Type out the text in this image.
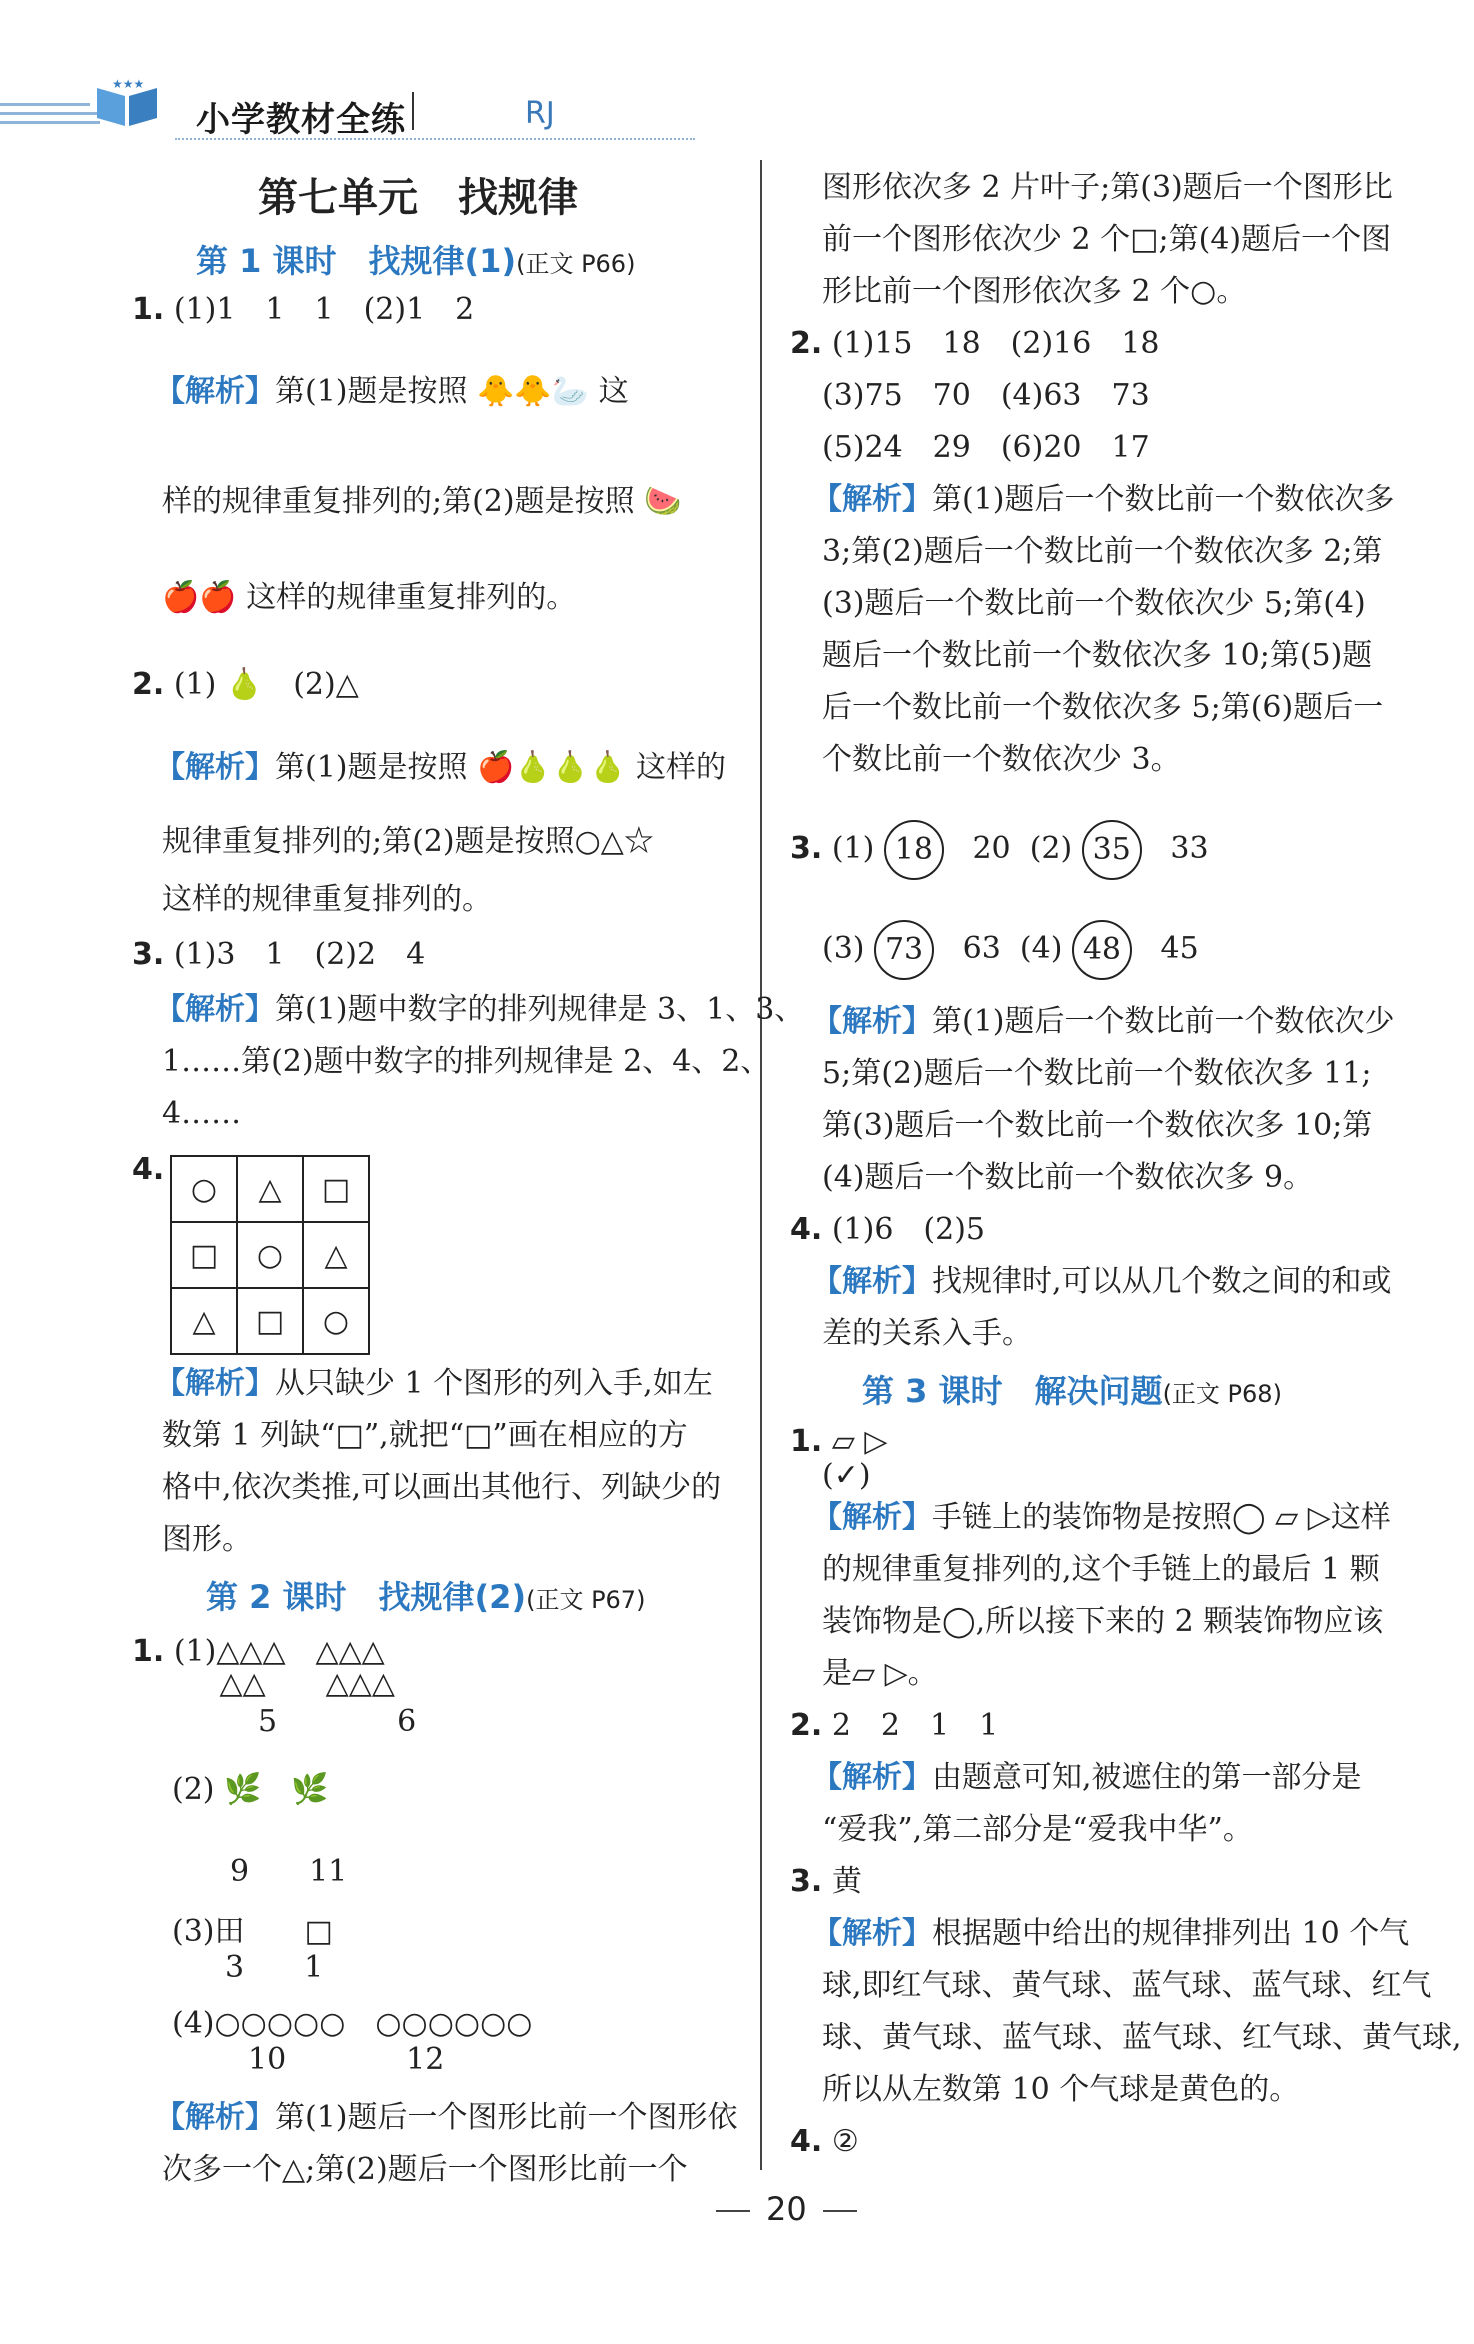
★★★
小学教材全练	RJ
第七单元　找规律
第 1 课时　找规律(1)(正文 P66)
1. (1)1　1　1　(2)1　2
【解析】第(1)题是按照 🐥🐥🦢 这
样的规律重复排列的;第(2)题是按照 🍉
🍎🍎 这样的规律重复排列的。
2. (1) 🍐　(2)△
【解析】第(1)题是按照 🍎🍐🍐🍐 这样的
规律重复排列的;第(2)题是按照○△☆
这样的规律重复排列的。
3. (1)3　1　(2)2　4
【解析】第(1)题中数字的排列规律是 3、1、3、
1……第(2)题中数字的排列规律是 2、4、2、
4……
4.
○	△	□
□	○	△
△	□	○
【解析】从只缺少 1 个图形的列入手,如左
数第 1 列缺“□”,就把“□”画在相应的方
格中,依次类推,可以画出其他行、列缺少的
图形。
第 2 课时　找规律(2)(正文 P67)
1. (1)△△△　△△△
　 △△　　△△△
5　　　　6
(2) 🌿　🌿
9　　11
(3)田　　□
3　　1
(4)○○○○○　○○○○○○
10　　　　12
【解析】第(1)题后一个图形比前一个图形依
次多一个△;第(2)题后一个图形比前一个
图形依次多 2 片叶子;第(3)题后一个图形比
前一个图形依次少 2 个□;第(4)题后一个图
形比前一个图形依次多 2 个○。
2. (1)15　18　(2)16　18
(3)75　70　(4)63　73
(5)24　29　(6)20　17
【解析】第(1)题后一个数比前一个数依次多
3;第(2)题后一个数比前一个数依次多 2;第
(3)题后一个数比前一个数依次少 5;第(4)
题后一个数比前一个数依次多 10;第(5)题
后一个数比前一个数依次多 5;第(6)题后一
个数比前一个数依次少 3。
3. (1) 18 20  (2) 35 33
(3) 73 63  (4) 48 45
【解析】第(1)题后一个数比前一个数依次少
5;第(2)题后一个数比前一个数依次多 11;
第(3)题后一个数比前一个数依次多 10;第
(4)题后一个数比前一个数依次多 9。
4. (1)6　(2)5
【解析】找规律时,可以从几个数之间的和或
差的关系入手。
第 3 课时　解决问题(正文 P68)
1. ▱ ▷
(✓)
【解析】手链上的装饰物是按照◯ ▱ ▷这样
的规律重复排列的,这个手链上的最后 1 颗
装饰物是◯,所以接下来的 2 颗装饰物应该
是▱ ▷。
2. 2　2　1　1
【解析】由题意可知,被遮住的第一部分是
“爱我”,第二部分是“爱我中华”。
3. 黄
【解析】根据题中给出的规律排列出 10 个气
球,即红气球、黄气球、蓝气球、蓝气球、红气
球、黄气球、蓝气球、蓝气球、红气球、黄气球,
所以从左数第 10 个气球是黄色的。
4. ②
20
